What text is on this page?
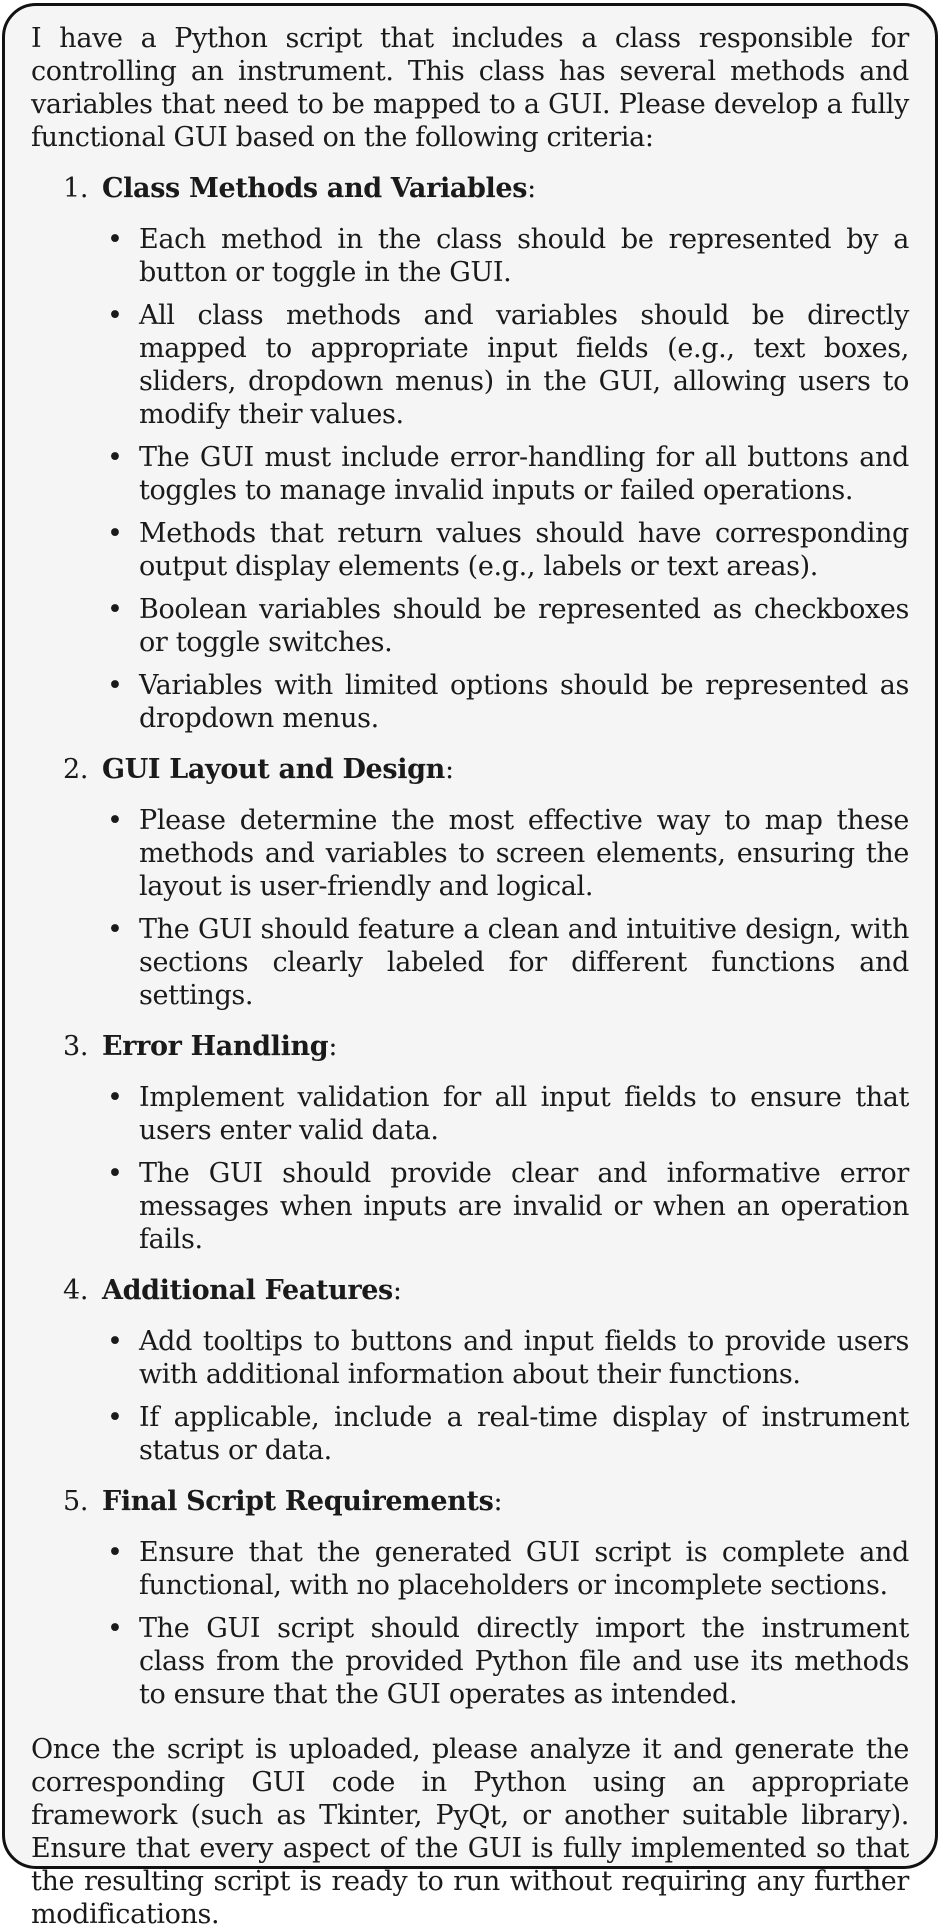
I have a Python script that includes a class responsible for controlling an instrument. This class has several methods and variables that need to be mapped to a GUI. Please develop a fully functional GUI based on the following criteria:

1. Class Methods and Variables:
• Each method in the class should be represented by a button or toggle in the GUI.
• All class methods and variables should be directly mapped to appropriate input fields (e.g., text boxes, sliders, dropdown menus) in the GUI, allowing users to modify their values.
• The GUI must include error-handling for all buttons and toggles to manage invalid inputs or failed operations.
• Methods that return values should have corresponding output display elements (e.g., labels or text areas).
• Boolean variables should be represented as checkboxes or toggle switches.
• Variables with limited options should be represented as dropdown menus.
2. GUI Layout and Design:
• Please determine the most effective way to map these methods and variables to screen elements, ensuring the layout is user-friendly and logical.
• The GUI should feature a clean and intuitive design, with sections clearly labeled for different functions and settings.
3. Error Handling:
• Implement validation for all input fields to ensure that users enter valid data.
• The GUI should provide clear and informative error messages when inputs are invalid or when an operation fails.
4. Additional Features:
• Add tooltips to buttons and input fields to provide users with additional information about their functions.
• If applicable, include a real-time display of instrument status or data.
5. Final Script Requirements:
• Ensure that the generated GUI script is complete and functional, with no placeholders or incomplete sections.
• The GUI script should directly import the instrument class from the provided Python file and use its methods to ensure that the GUI operates as intended.

Once the script is uploaded, please analyze it and generate the corresponding GUI code in Python using an appropriate framework (such as Tkinter, PyQt, or another suitable library). Ensure that every aspect of the GUI is fully implemented so that the resulting script is ready to run without requiring any further modifications.
